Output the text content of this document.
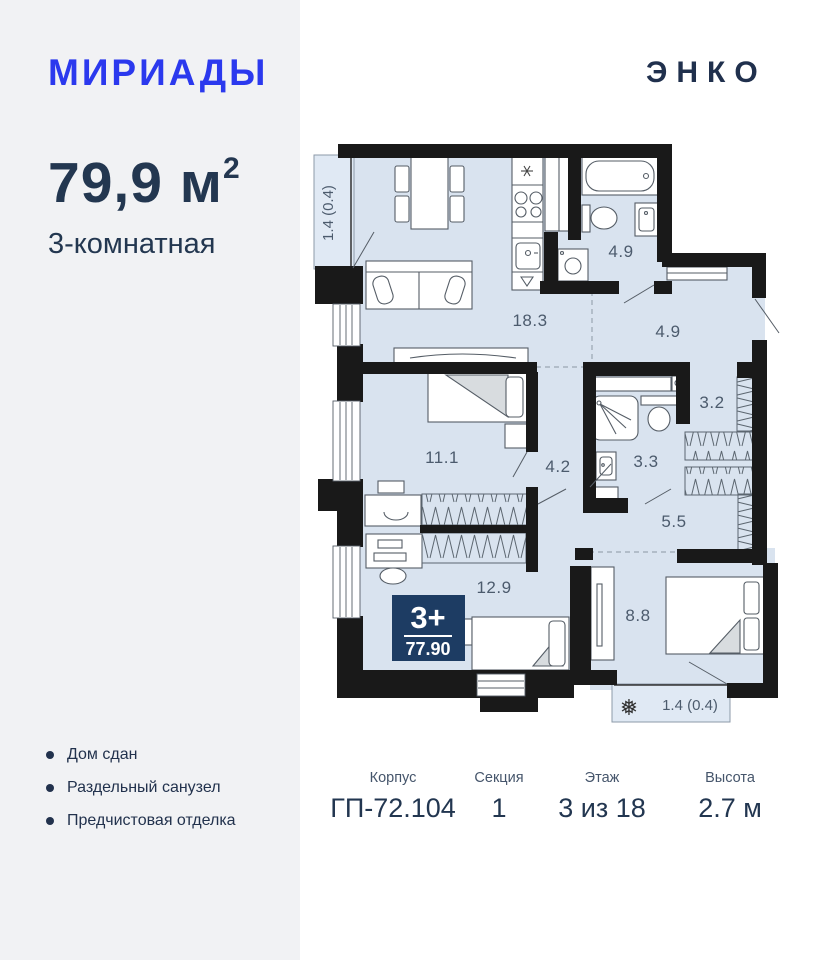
МИРИАДЫ	ЭНКО
79,9 $м^2$
3-комнатная
18.3
4.9
4.9
3.2
11.1	4.2	3.3
5.5
12.9
8.8
1.4 (0.4)
1.4 (0.4)
❅
3+
77.90
Дом сдан
Раздельный санузел
Предчистовая отделка
Корпус
ГП-72.104
Секция
1
Этаж
3 из 18
Высота
2.7 м
